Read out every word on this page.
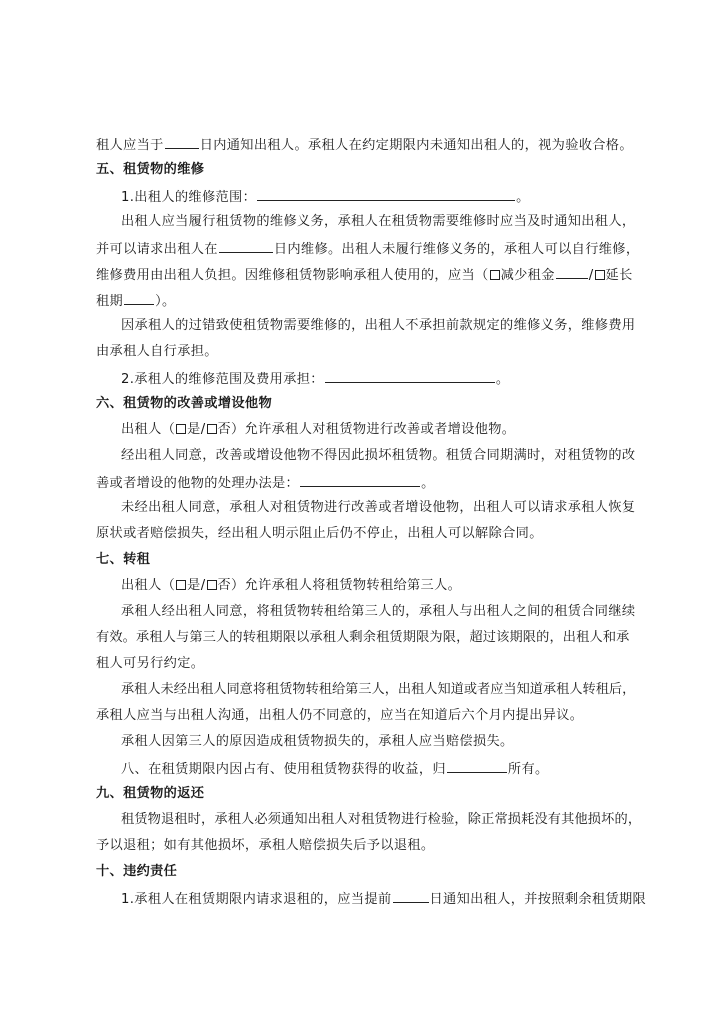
租人应当于	日内通知出租人。承租人在约定期限内未通知出租人的，视为验收合格。
五、租赁物的维修
1.出租人的维修范围：	。
出租人应当履行租赁物的维修义务，承租人在租赁物需要维修时应当及时通知出租人，
并可以请求出租人在	日内维修。出租人未履行维修义务的，承租人可以自行维修，
维修费用由出租人负担。因维修租赁物影响承租人使用的，应当（ 减少租金	/ 延长
租期 ）。
因承租人的过错致使租赁物需要维修的，出租人不承担前款规定的维修义务，维修费用
由承租人自行承担。
2.承租人的维修范围及费用承担：	。
六、租赁物的改善或增设他物
出租人（ 是/ 否）允许承租人对租赁物进行改善或者增设他物。
经出租人同意，改善或增设他物不得因此损坏租赁物。租赁合同期满时，对租赁物的改
善或者增设的他物的处理办法是：	。
未经出租人同意，承租人对租赁物进行改善或者增设他物，出租人可以请求承租人恢复
原状或者赔偿损失，经出租人明示阻止后仍不停止，出租人可以解除合同。
七、转租
出租人（ 是/ 否）允许承租人将租赁物转租给第三人。
承租人经出租人同意，将租赁物转租给第三人的，承租人与出租人之间的租赁合同继续
有效。承租人与第三人的转租期限以承租人剩余租赁期限为限，超过该期限的，出租人和承
租人可另行约定。
承租人未经出租人同意将租赁物转租给第三人，出租人知道或者应当知道承租人转租后，
承租人应当与出租人沟通，出租人仍不同意的，应当在知道后六个月内提出异议。
承租人因第三人的原因造成租赁物损失的，承租人应当赔偿损失。
八、在租赁期限内因占有、使用租赁物获得的收益，归	所有。
九、租赁物的返还
租赁物退租时，承租人必须通知出租人对租赁物进行检验，除正常损耗没有其他损坏的，
予以退租；如有其他损坏，承租人赔偿损失后予以退租。
十、违约责任
1.承租人在租赁期限内请求退租的，应当提前	日通知出租人，并按照剩余租赁期限
